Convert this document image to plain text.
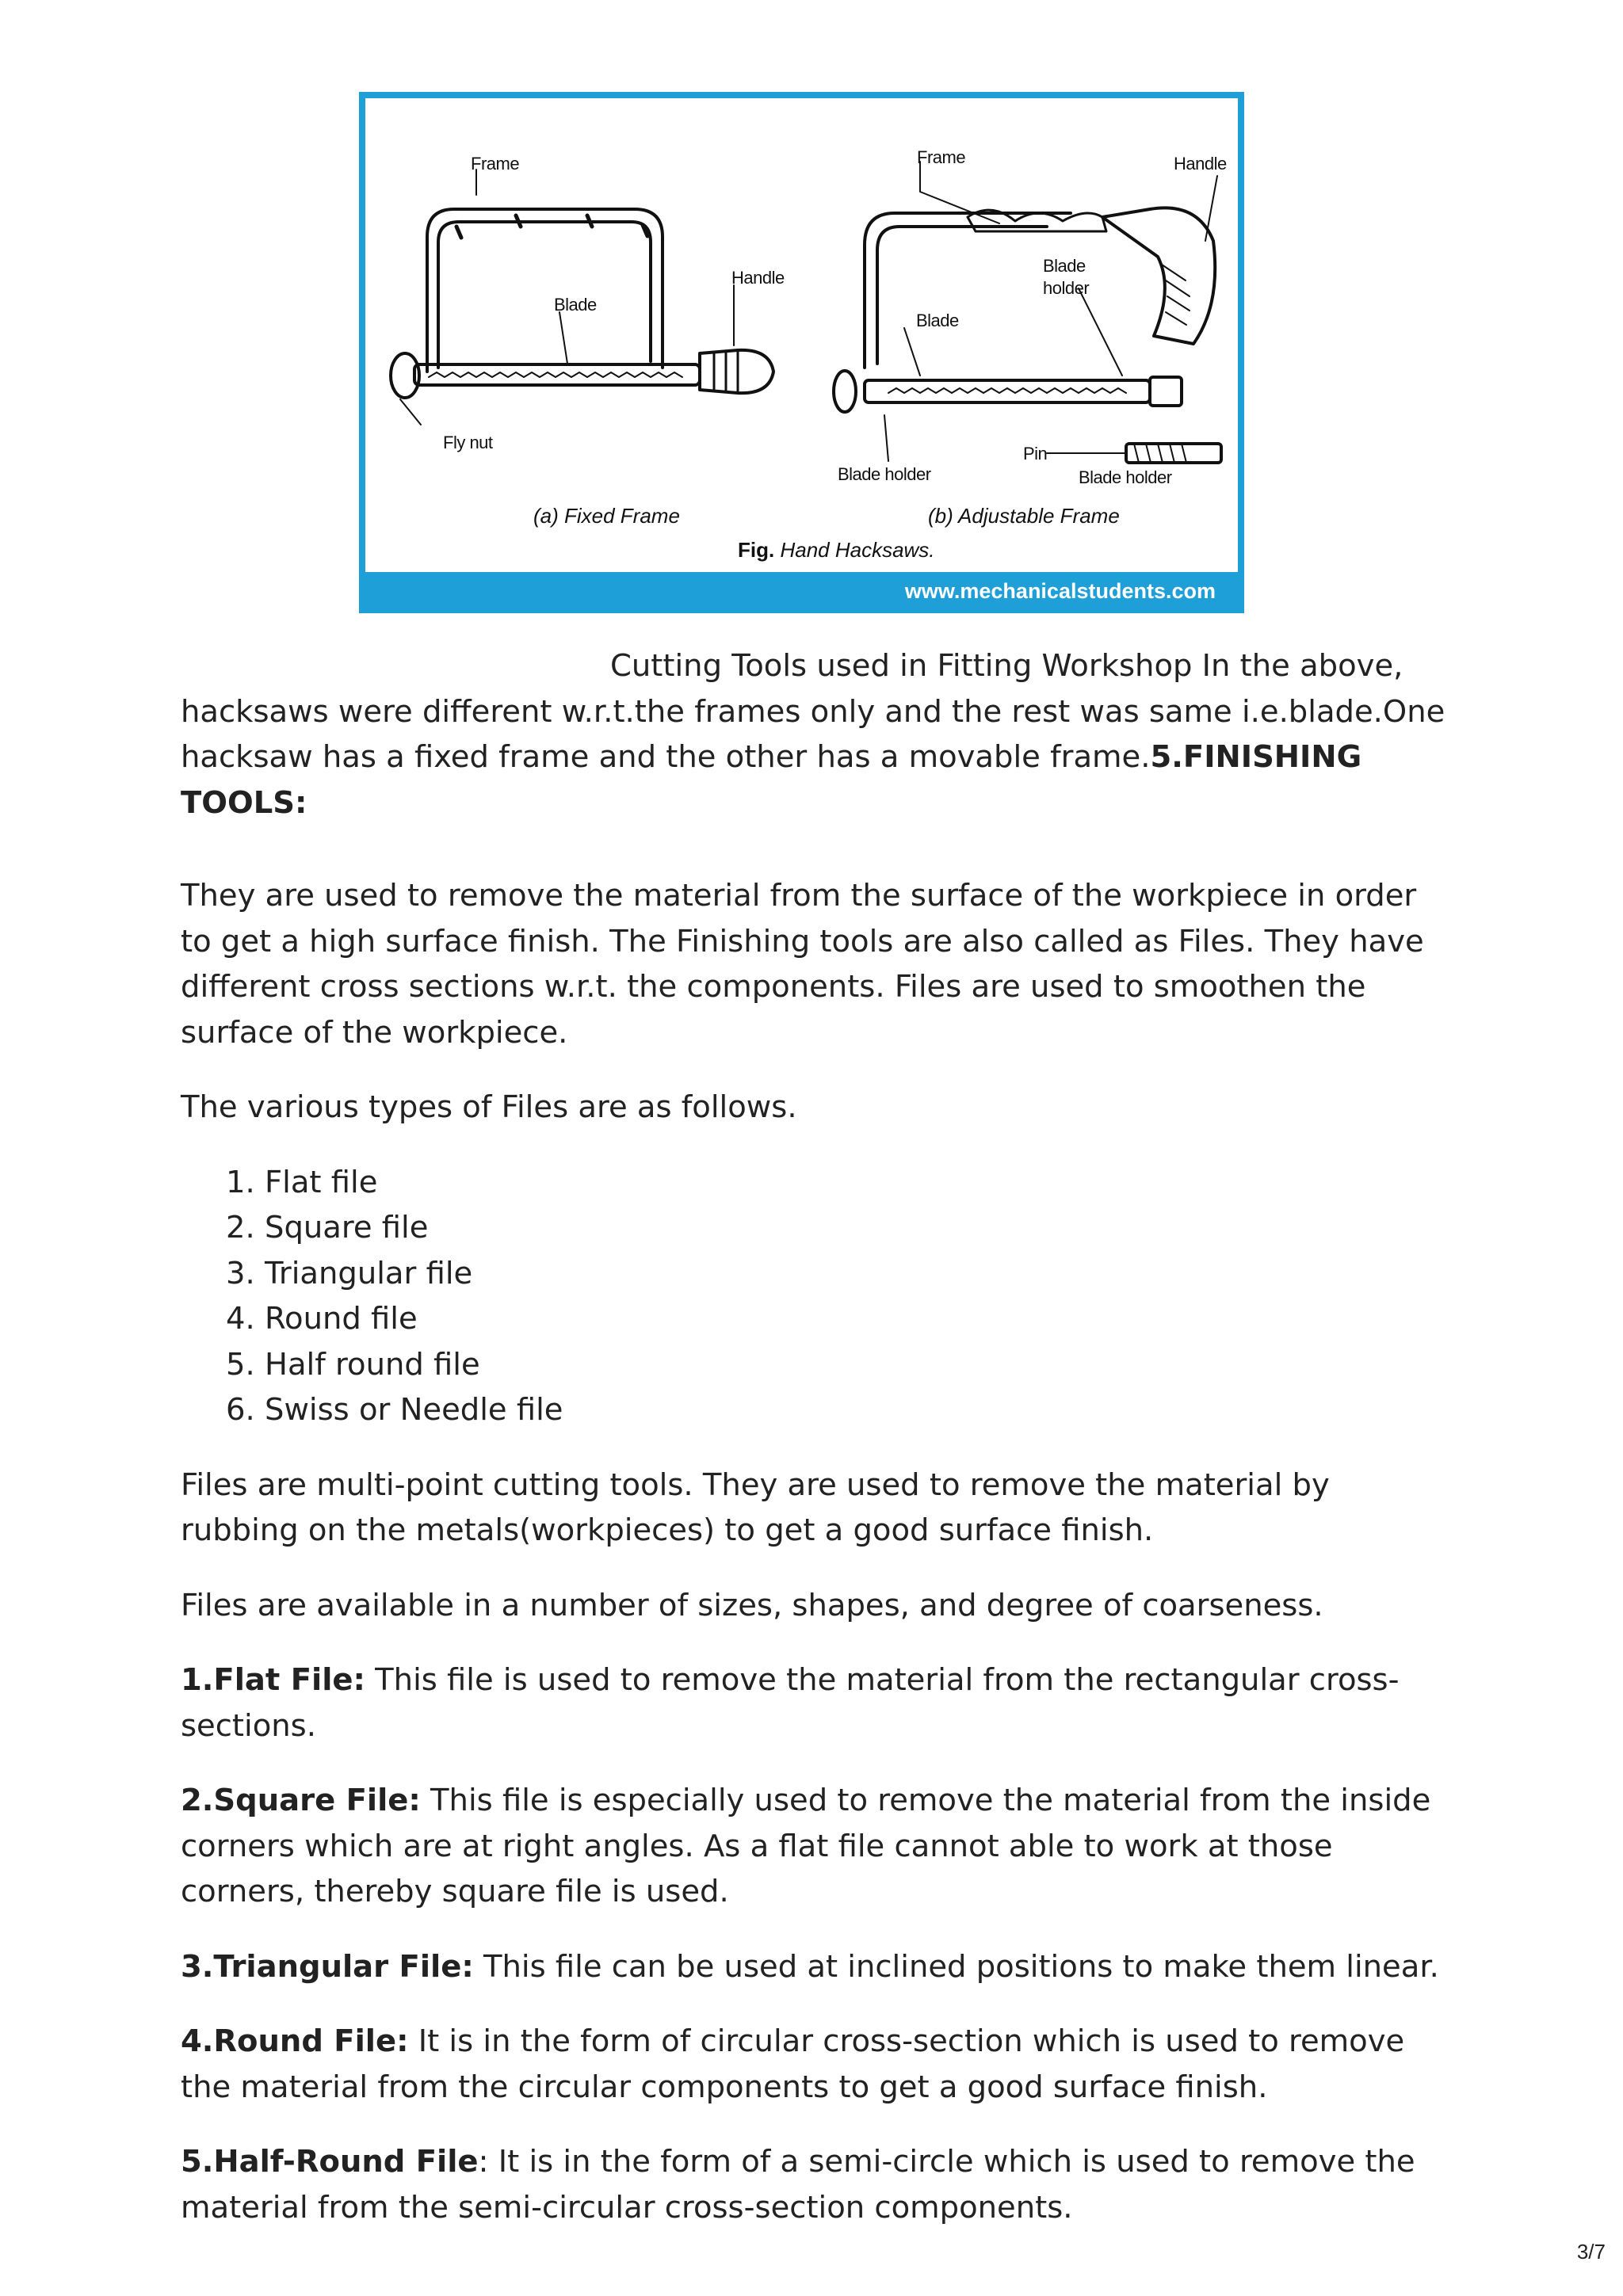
Frame
Blade
Handle
Fly nut
Frame	Handle
Blade
holder
Blade
Pin
Blade holder	Blade holder
(a) Fixed Frame	(b) Adjustable Frame
Fig. Hand Hacksaws.
www.mechanicalstudents.com

Cutting Tools used in Fitting Workshop In the above, hacksaws were different w.r.t.the frames only and the rest was same i.e.blade.One hacksaw has a fixed frame and the other has a movable frame.5.FINISHING TOOLS:

They are used to remove the material from the surface of the workpiece in order to get a high surface finish. The Finishing tools are also called as Files. They have different cross sections w.r.t. the components. Files are used to smoothen the surface of the workpiece.

The various types of Files are as follows.

1. Flat file
2. Square file
3. Triangular file
4. Round file
5. Half round file
6. Swiss or Needle file

Files are multi-point cutting tools. They are used to remove the material by rubbing on the metals(workpieces) to get a good surface finish.

Files are available in a number of sizes, shapes, and degree of coarseness.

1.Flat File: This file is used to remove the material from the rectangular cross-sections.

2.Square File: This file is especially used to remove the material from the inside corners which are at right angles. As a flat file cannot able to work at those corners, thereby square file is used.

3.Triangular File: This file can be used at inclined positions to make them linear.

4.Round File: It is in the form of circular cross-section which is used to remove the material from the circular components to get a good surface finish.

5.Half-Round File: It is in the form of a semi-circle which is used to remove the material from the semi-circular cross-section components.

3/7
